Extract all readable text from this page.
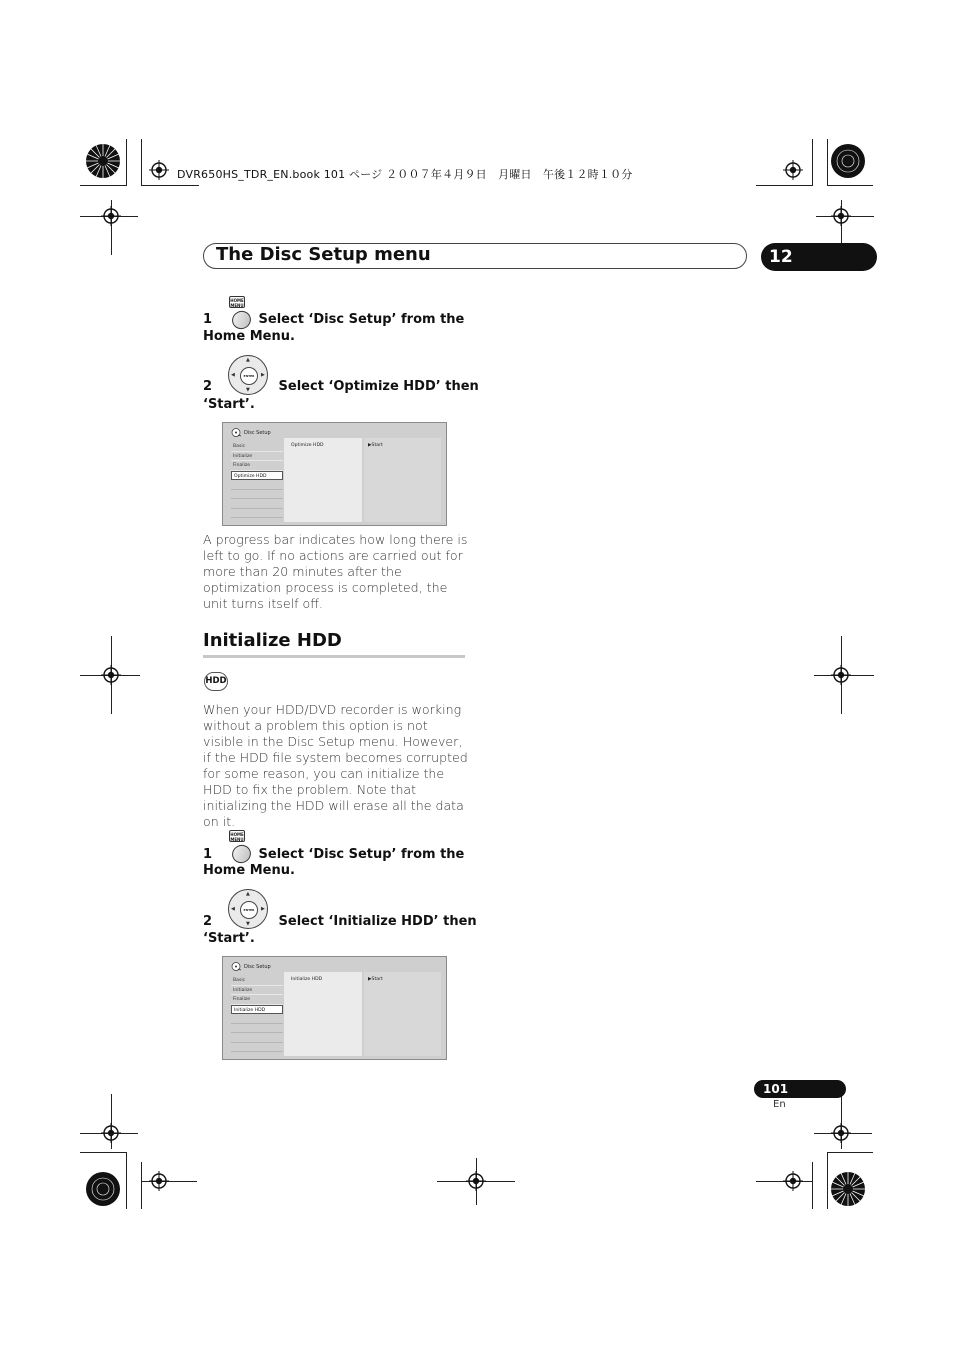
DVR650HS_TDR_EN.book 101 ページ ２００７年４月９日　月曜日　午後１２時１０分
The Disc Setup menu	12
HOME MENU
1	Select ‘Disc Setup’ from the
Home Menu.
▲
▼
◀	▶
ENTER
2	Select ‘Optimize HDD’ then
‘Start’.
Disc Setup
Basic
Initialize
Finalize
Optimize HDD
Optimize HDD	▶Start
A progress bar indicates how long there is left to go. If no actions are carried out for more than 20 minutes after the optimization process is completed, the unit turns itself off.
Initialize HDD
HDD
When your HDD/DVD recorder is working without a problem this option is not visible in the Disc Setup menu. However, if the HDD file system becomes corrupted for some reason, you can initialize the HDD to fix the problem. Note that initializing the HDD will erase all the data on it.
HOME MENU
1	Select ‘Disc Setup’ from the
Home Menu.
▲
▼
◀	▶
ENTER
2	Select ‘Initialize HDD’ then
‘Start’.
Disc Setup
Basic
Initialize
Finalize
Initialize HDD
Initialize HDD	▶Start
101
En
